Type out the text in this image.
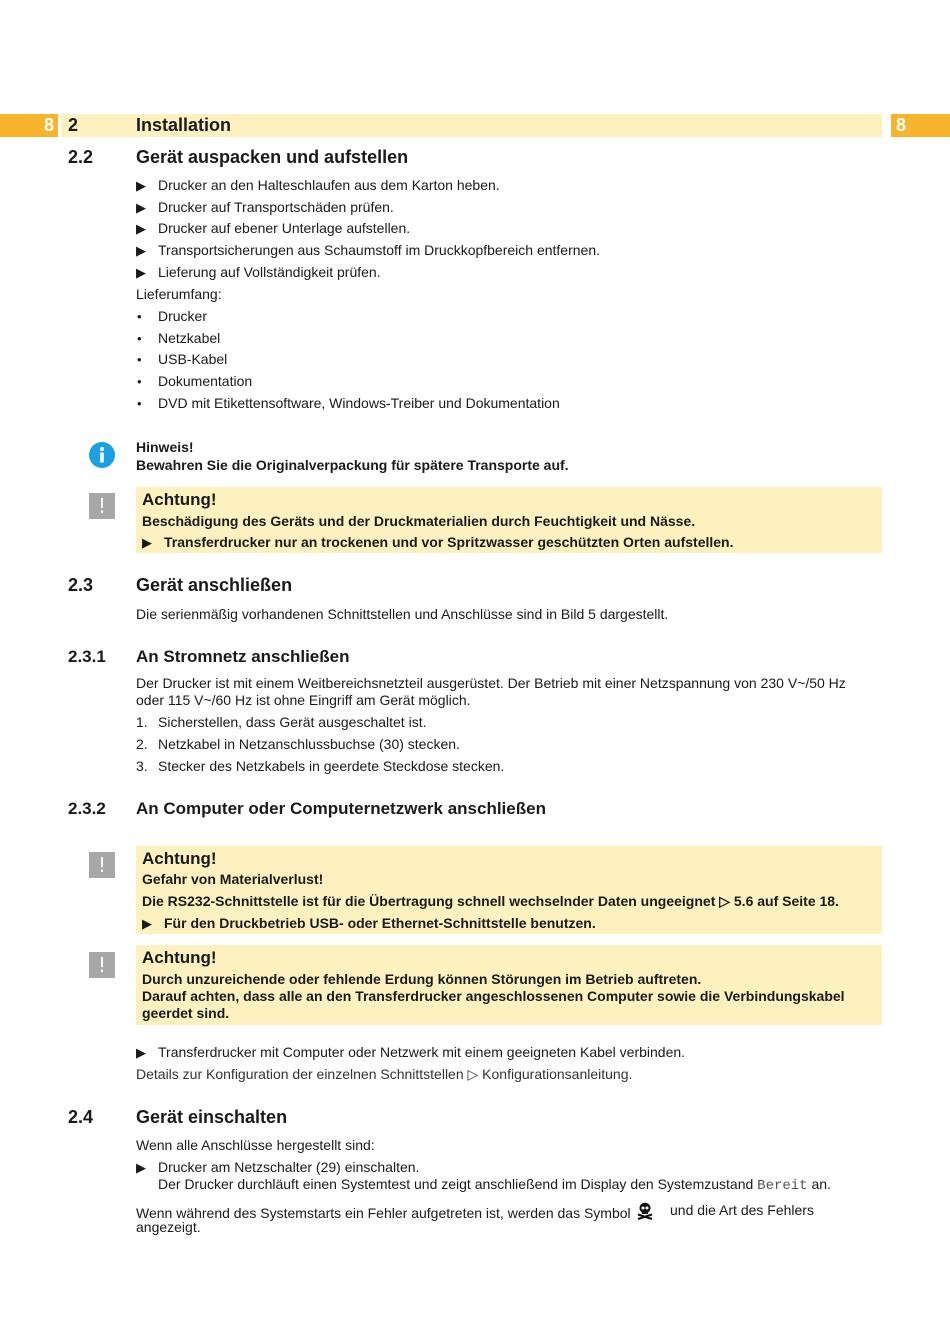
8 2	Installation	8
2.2 Gerät auspacken und aufstellen
▶ Drucker an den Halteschlaufen aus dem Karton heben.
▶ Drucker auf Transportschäden prüfen.
▶ Drucker auf ebener Unterlage aufstellen.
▶ Transportsicherungen aus Schaumstoff im Druckkopfbereich entfernen.
▶ Lieferung auf Vollständigkeit prüfen.
Lieferumfang:
• Drucker
• Netzkabel
• USB-Kabel
• Dokumentation
• DVD mit Etikettensoftware, Windows-Treiber und Dokumentation
Hinweis!
Bewahren Sie die Originalverpackung für spätere Transporte auf.
!	Achtung!
Beschädigung des Geräts und der Druckmaterialien durch Feuchtigkeit und Nässe.
▶ Transferdrucker nur an trockenen und vor Spritzwasser geschützten Orten aufstellen.
2.3 Gerät anschließen
Die serienmäßig vorhandenen Schnittstellen und Anschlüsse sind in Bild 5 dargestellt.
2.3.1 An Stromnetz anschließen
Der Drucker ist mit einem Weitbereichsnetzteil ausgerüstet. Der Betrieb mit einer Netzspannung von 230 V~/50 Hz oder 115 V~/60 Hz ist ohne Eingriff am Gerät möglich.
1. Sicherstellen, dass Gerät ausgeschaltet ist.
2. Netzkabel in Netzanschlussbuchse (30) stecken.
3. Stecker des Netzkabels in geerdete Steckdose stecken.
2.3.2 An Computer oder Computernetzwerk anschließen
!	Achtung!
Gefahr von Materialverlust!
Die RS232-Schnittstelle ist für die Übertragung schnell wechselnder Daten ungeeignet ▷ 5.6 auf Seite 18.
▶ Für den Druckbetrieb USB- oder Ethernet-Schnittstelle benutzen.
!	Achtung!
Durch unzureichende oder fehlende Erdung können Störungen im Betrieb auftreten.
Darauf achten, dass alle an den Transferdrucker angeschlossenen Computer sowie die Verbindungskabel geerdet sind.
▶ Transferdrucker mit Computer oder Netzwerk mit einem geeigneten Kabel verbinden.
Details zur Konfiguration der einzelnen Schnittstellen ▷ Konfigurationsanleitung.
2.4 Gerät einschalten
Wenn alle Anschlüsse hergestellt sind:
▶ Drucker am Netzschalter (29) einschalten.
Der Drucker durchläuft einen Systemtest und zeigt anschließend im Display den Systemzustand Bereit an.
Wenn während des Systemstarts ein Fehler aufgetreten ist, werden das Symbol	und die Art des Fehlers angezeigt.
